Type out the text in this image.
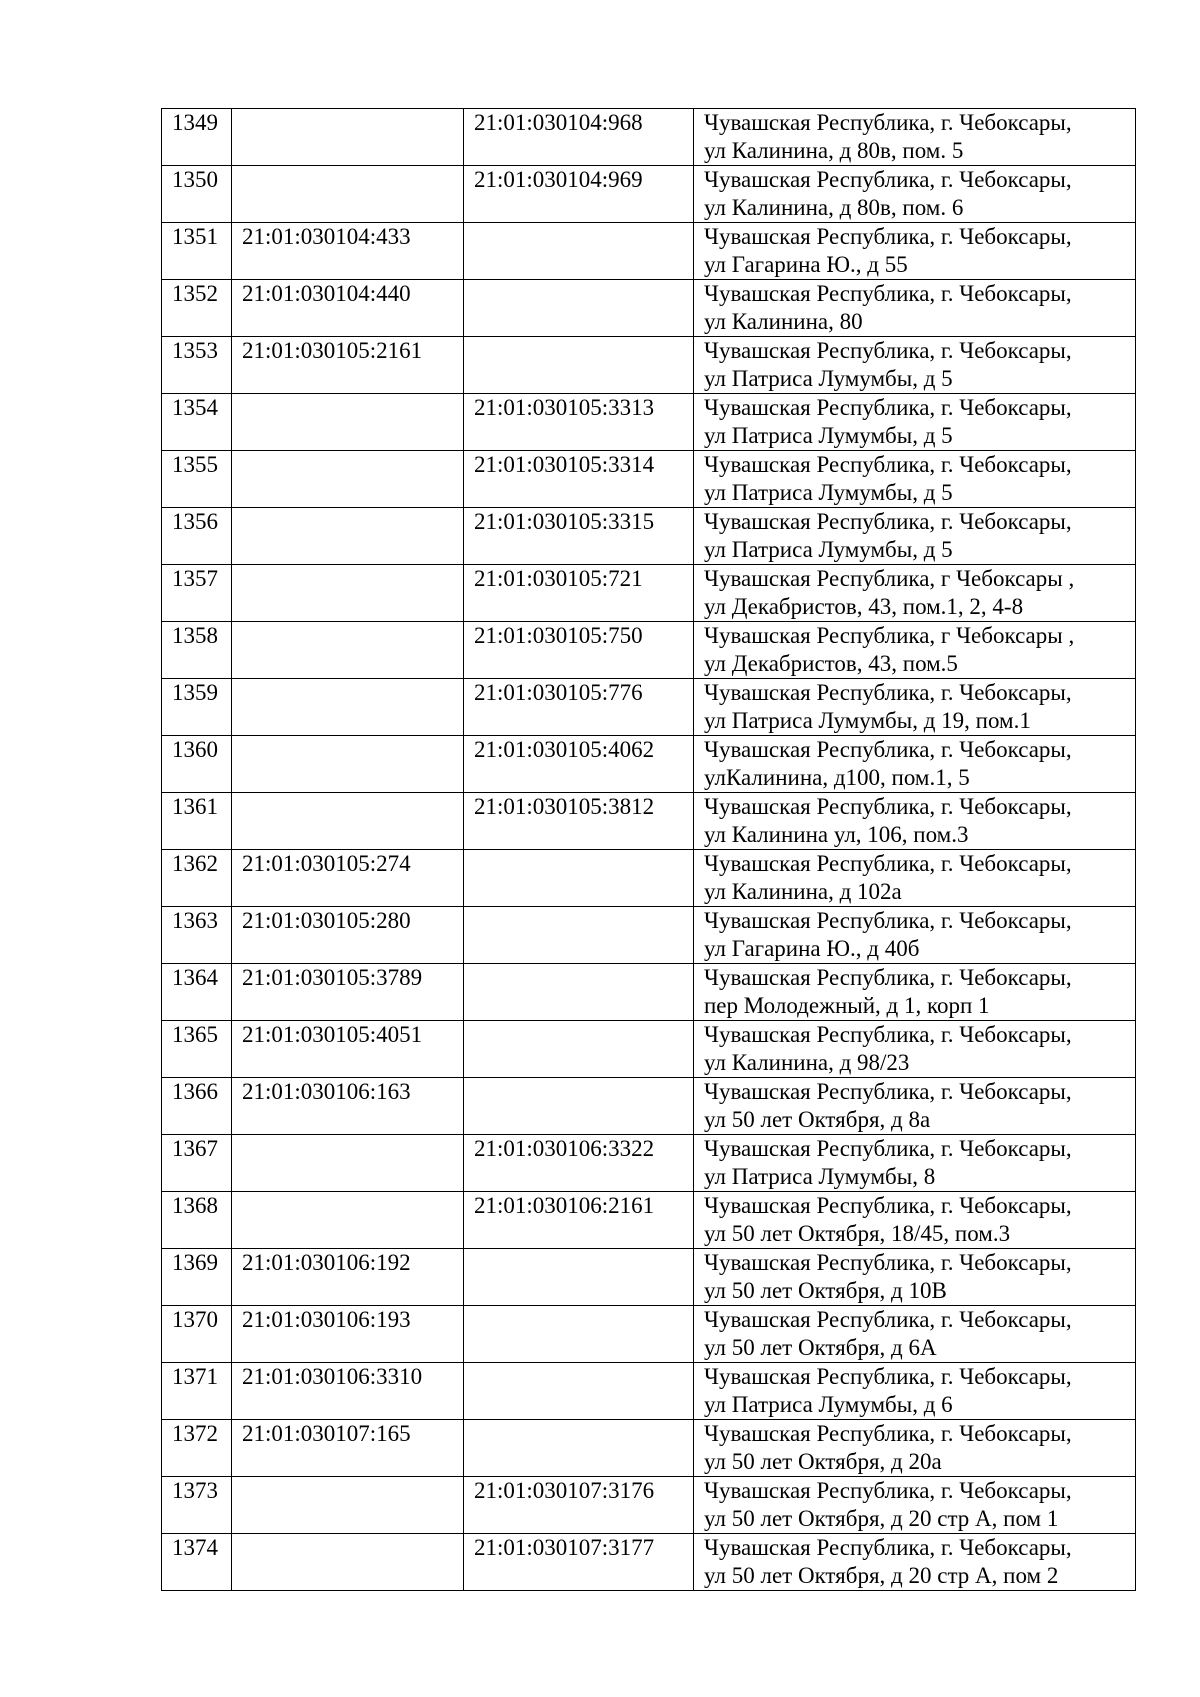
1349		21:01:030104:968	Чувашская Республика, г. Чебоксары,
ул Калинина, д 80в, пом. 5

1350		21:01:030104:969	Чувашская Республика, г. Чебоксары,
ул Калинина, д 80в, пом. 6

1351	21:01:030104:433		Чувашская Республика, г. Чебоксары,
ул Гагарина Ю., д 55

1352	21:01:030104:440		Чувашская Республика, г. Чебоксары,
ул Калинина, 80

1353	21:01:030105:2161		Чувашская Республика, г. Чебоксары,
ул Патриса Лумумбы, д 5

1354		21:01:030105:3313	Чувашская Республика, г. Чебоксары,
ул Патриса Лумумбы, д 5

1355		21:01:030105:3314	Чувашская Республика, г. Чебоксары,
ул Патриса Лумумбы, д 5

1356		21:01:030105:3315	Чувашская Республика, г. Чебоксары,
ул Патриса Лумумбы, д 5

1357		21:01:030105:721	Чувашская Республика, г Чебоксары ,
ул Декабристов, 43, пом.1, 2, 4-8

1358		21:01:030105:750	Чувашская Республика, г Чебоксары ,
ул Декабристов, 43, пом.5

1359		21:01:030105:776	Чувашская Республика, г. Чебоксары,
ул Патриса Лумумбы, д 19, пом.1

1360		21:01:030105:4062	Чувашская Республика, г. Чебоксары,
улКалинина, д100, пом.1, 5

1361		21:01:030105:3812	Чувашская Республика, г. Чебоксары,
ул Калинина ул, 106, пом.3

1362	21:01:030105:274		Чувашская Республика, г. Чебоксары,
ул Калинина, д 102а

1363	21:01:030105:280		Чувашская Республика, г. Чебоксары,
ул Гагарина Ю., д 40б

1364	21:01:030105:3789		Чувашская Республика, г. Чебоксары,
пер Молодежный, д 1, корп 1

1365	21:01:030105:4051		Чувашская Республика, г. Чебоксары,
ул Калинина, д 98/23

1366	21:01:030106:163		Чувашская Республика, г. Чебоксары,
ул 50 лет Октября, д 8а

1367		21:01:030106:3322	Чувашская Республика, г. Чебоксары,
ул Патриса Лумумбы, 8

1368		21:01:030106:2161	Чувашская Республика, г. Чебоксары,
ул 50 лет Октября, 18/45, пом.3

1369	21:01:030106:192		Чувашская Республика, г. Чебоксары,
ул 50 лет Октября, д 10В

1370	21:01:030106:193		Чувашская Республика, г. Чебоксары,
ул 50 лет Октября, д 6А

1371	21:01:030106:3310		Чувашская Республика, г. Чебоксары,
ул Патриса Лумумбы, д 6

1372	21:01:030107:165		Чувашская Республика, г. Чебоксары,
ул 50 лет Октября, д 20а

1373		21:01:030107:3176	Чувашская Республика, г. Чебоксары,
ул 50 лет Октября, д 20 стр А, пом 1

1374		21:01:030107:3177	Чувашская Республика, г. Чебоксары,
ул 50 лет Октября, д 20 стр А, пом 2
